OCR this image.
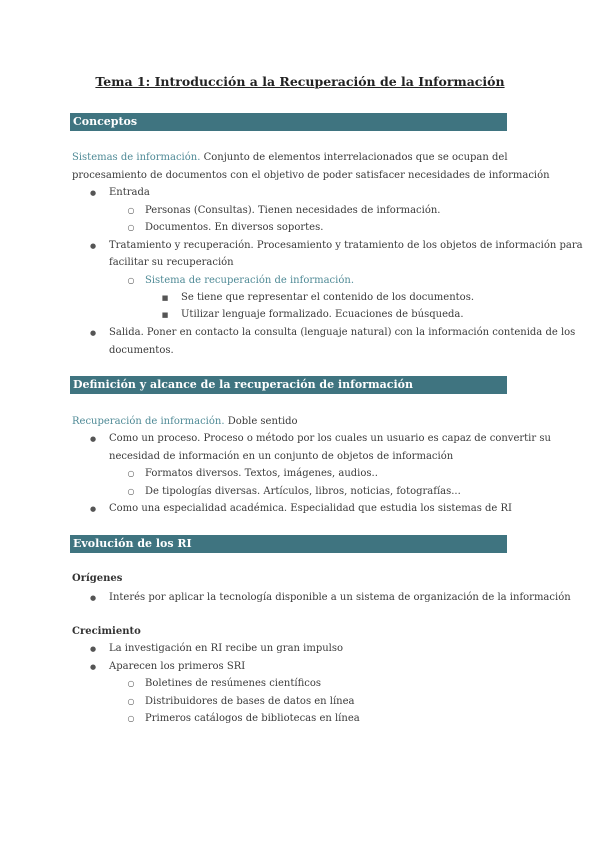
Tema 1: Introducción a la Recuperación de la Información
Conceptos
Sistemas de información. Conjunto de elementos interrelacionados que se ocupan del
procesamiento de documentos con el objetivo de poder satisfacer necesidades de información
●
Entrada
○
Personas (Consultas). Tienen necesidades de información.
○
Documentos. En diversos soportes.
●
Tratamiento y recuperación. Procesamiento y tratamiento de los objetos de información para
facilitar su recuperación
○
Sistema de recuperación de información.
■
Se tiene que representar el contenido de los documentos.
■
Utilizar lenguaje formalizado. Ecuaciones de búsqueda.
●
Salida. Poner en contacto la consulta (lenguaje natural) con la información contenida de los
documentos.
Definición y alcance de la recuperación de información
Recuperación de información. Doble sentido
●
Como un proceso. Proceso o método por los cuales un usuario es capaz de convertir su
necesidad de información en un conjunto de objetos de información
○
Formatos diversos. Textos, imágenes, audios..
○
De tipologías diversas. Artículos, libros, noticias, fotografías...
●
Como una especialidad académica. Especialidad que estudia los sistemas de RI
Evolución de los RI
Orígenes
●
Interés por aplicar la tecnología disponible a un sistema de organización de la información
Crecimiento
●
La investigación en RI recibe un gran impulso
●
Aparecen los primeros SRI
○
Boletines de resúmenes científicos
○
Distribuidores de bases de datos en línea
○
Primeros catálogos de bibliotecas en línea
